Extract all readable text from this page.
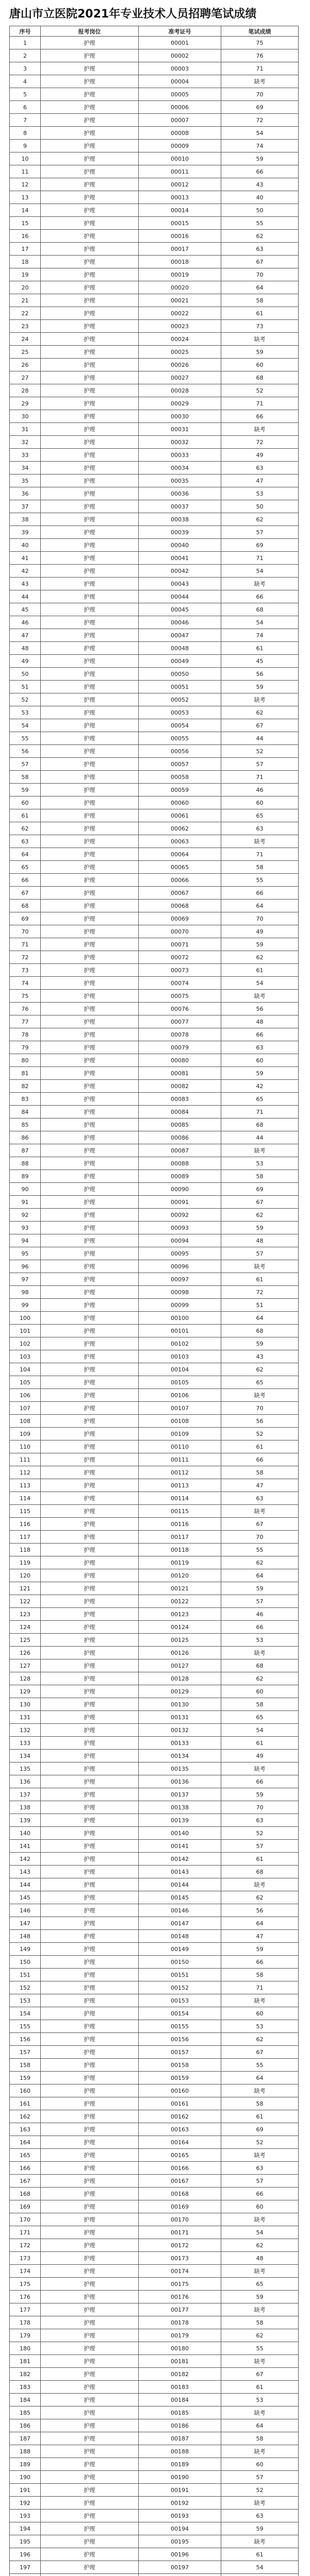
唐山市立医院2021年专业技术人员招聘笔试成绩
序号	报考岗位	准考证号	笔试成绩
1	护理	00001	75
2	护理	00002	76
3	护理	00003	71
4	护理	00004	缺考
5	护理	00005	70
6	护理	00006	69
7	护理	00007	72
8	护理	00008	54
9	护理	00009	74
10	护理	00010	59
11	护理	00011	66
12	护理	00012	43
13	护理	00013	40
14	护理	00014	50
15	护理	00015	55
16	护理	00016	62
17	护理	00017	63
18	护理	00018	67
19	护理	00019	70
20	护理	00020	64
21	护理	00021	58
22	护理	00022	61
23	护理	00023	73
24	护理	00024	缺考
25	护理	00025	59
26	护理	00026	60
27	护理	00027	68
28	护理	00028	52
29	护理	00029	71
30	护理	00030	66
31	护理	00031	缺考
32	护理	00032	72
33	护理	00033	49
34	护理	00034	63
35	护理	00035	47
36	护理	00036	53
37	护理	00037	50
38	护理	00038	62
39	护理	00039	57
40	护理	00040	69
41	护理	00041	71
42	护理	00042	54
43	护理	00043	缺考
44	护理	00044	66
45	护理	00045	68
46	护理	00046	54
47	护理	00047	74
48	护理	00048	61
49	护理	00049	45
50	护理	00050	56
51	护理	00051	59
52	护理	00052	缺考
53	护理	00053	62
54	护理	00054	67
55	护理	00055	44
56	护理	00056	52
57	护理	00057	57
58	护理	00058	71
59	护理	00059	46
60	护理	00060	60
61	护理	00061	65
62	护理	00062	63
63	护理	00063	缺考
64	护理	00064	71
65	护理	00065	58
66	护理	00066	55
67	护理	00067	66
68	护理	00068	64
69	护理	00069	70
70	护理	00070	49
71	护理	00071	59
72	护理	00072	62
73	护理	00073	61
74	护理	00074	54
75	护理	00075	缺考
76	护理	00076	56
77	护理	00077	48
78	护理	00078	66
79	护理	00079	63
80	护理	00080	60
81	护理	00081	59
82	护理	00082	42
83	护理	00083	65
84	护理	00084	71
85	护理	00085	68
86	护理	00086	44
87	护理	00087	缺考
88	护理	00088	53
89	护理	00089	58
90	护理	00090	69
91	护理	00091	67
92	护理	00092	62
93	护理	00093	59
94	护理	00094	48
95	护理	00095	57
96	护理	00096	缺考
97	护理	00097	61
98	护理	00098	72
99	护理	00099	51
100	护理	00100	64
101	护理	00101	68
102	护理	00102	59
103	护理	00103	43
104	护理	00104	62
105	护理	00105	65
106	护理	00106	缺考
107	护理	00107	70
108	护理	00108	56
109	护理	00109	52
110	护理	00110	61
111	护理	00111	66
112	护理	00112	58
113	护理	00113	47
114	护理	00114	63
115	护理	00115	缺考
116	护理	00116	67
117	护理	00117	70
118	护理	00118	55
119	护理	00119	62
120	护理	00120	64
121	护理	00121	59
122	护理	00122	57
123	护理	00123	46
124	护理	00124	66
125	护理	00125	53
126	护理	00126	缺考
127	护理	00127	68
128	护理	00128	62
129	护理	00129	60
130	护理	00130	58
131	护理	00131	65
132	护理	00132	54
133	护理	00133	61
134	护理	00134	49
135	护理	00135	缺考
136	护理	00136	66
137	护理	00137	59
138	护理	00138	70
139	护理	00139	63
140	护理	00140	52
141	护理	00141	57
142	护理	00142	61
143	护理	00143	68
144	护理	00144	缺考
145	护理	00145	62
146	护理	00146	56
147	护理	00147	64
148	护理	00148	47
149	护理	00149	59
150	护理	00150	66
151	护理	00151	58
152	护理	00152	71
153	护理	00153	缺考
154	护理	00154	60
155	护理	00155	53
156	护理	00156	62
157	护理	00157	67
158	护理	00158	55
159	护理	00159	64
160	护理	00160	缺考
161	护理	00161	58
162	护理	00162	61
163	护理	00163	69
164	护理	00164	52
165	护理	00165	缺考
166	护理	00166	63
167	护理	00167	57
168	护理	00168	66
169	护理	00169	60
170	护理	00170	缺考
171	护理	00171	54
172	护理	00172	62
173	护理	00173	48
174	护理	00174	缺考
175	护理	00175	65
176	护理	00176	59
177	护理	00177	缺考
178	护理	00178	58
179	护理	00179	62
180	护理	00180	55
181	护理	00181	缺考
182	护理	00182	67
183	护理	00183	61
184	护理	00184	53
185	护理	00185	缺考
186	护理	00186	64
187	护理	00187	58
188	护理	00188	缺考
189	护理	00189	60
190	护理	00190	57
191	护理	00191	52
192	护理	00192	缺考
193	护理	00193	63
194	护理	00194	59
195	护理	00195	缺考
196	护理	00196	61
197	护理	00197	54
